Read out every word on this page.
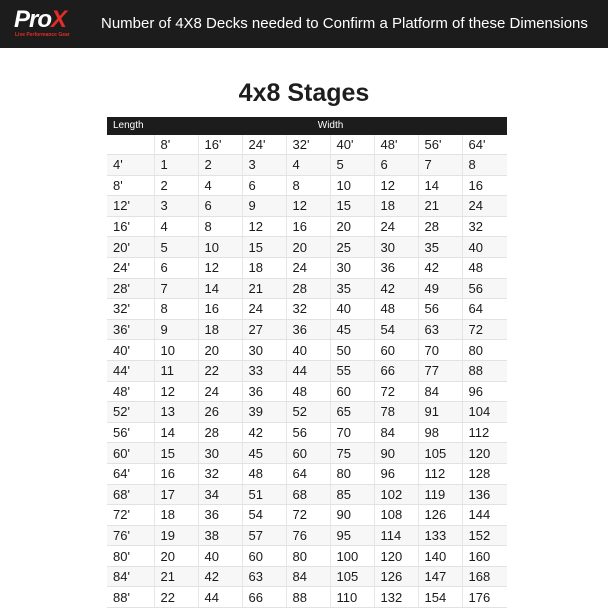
ProX
Live Performance Gear
Number of 4X8 Decks needed to Confirm a Platform of these Dimensions
4x8 Stages
Length	Width							
	8'	16'	24'	32'	40'	48'	56'	64'
4'	1	2	3	4	5	6	7	8
8'	2	4	6	8	10	12	14	16
12'	3	6	9	12	15	18	21	24
16'	4	8	12	16	20	24	28	32
20'	5	10	15	20	25	30	35	40
24'	6	12	18	24	30	36	42	48
28'	7	14	21	28	35	42	49	56
32'	8	16	24	32	40	48	56	64
36'	9	18	27	36	45	54	63	72
40'	10	20	30	40	50	60	70	80
44'	11	22	33	44	55	66	77	88
48'	12	24	36	48	60	72	84	96
52'	13	26	39	52	65	78	91	104
56'	14	28	42	56	70	84	98	112
60'	15	30	45	60	75	90	105	120
64'	16	32	48	64	80	96	112	128
68'	17	34	51	68	85	102	119	136
72'	18	36	54	72	90	108	126	144
76'	19	38	57	76	95	114	133	152
80'	20	40	60	80	100	120	140	160
84'	21	42	63	84	105	126	147	168
88'	22	44	66	88	110	132	154	176
